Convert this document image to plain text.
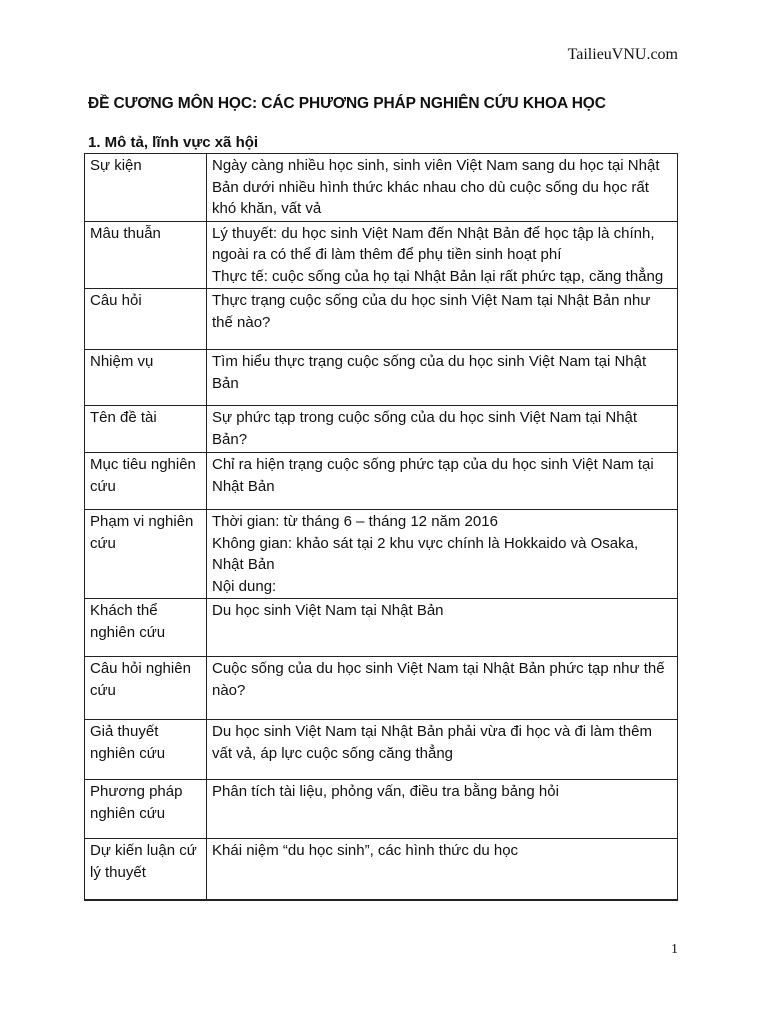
TailieuVNU.com
ĐỀ CƯƠNG MÔN HỌC: CÁC PHƯƠNG PHÁP NGHIÊN CỨU KHOA HỌC
1. Mô tả, lĩnh vực xã hội
Sự kiện	Ngày càng nhiều học sinh, sinh viên Việt Nam sang du học tại Nhật Bản dưới nhiều hình thức khác nhau cho dù cuộc sống du học rất khó khăn, vất vả

Mâu thuẫn	Lý thuyết: du học sinh Việt Nam đến Nhật Bản để học tập là chính, ngoài ra có thể đi làm thêm để phụ tiền sinh hoạt phí
Thực tế: cuộc sống của họ tại Nhật Bản lại rất phức tạp, căng thẳng

Câu hỏi	Thực trạng cuộc sống của du học sinh Việt Nam tại Nhật Bản như thế nào?

Nhiệm vụ	Tìm hiểu thực trạng cuộc sống của du học sinh Việt Nam tại Nhật Bản

Tên đề tài	Sự phức tạp trong cuộc sống của du học sinh Việt Nam tại Nhật Bản?

Mục tiêu nghiên cứu	Chỉ ra hiện trạng cuộc sống phức tạp của du học sinh Việt Nam tại Nhật Bản

Phạm vi nghiên cứu	Thời gian: từ tháng 6 – tháng 12 năm 2016
Không gian: khảo sát tại 2 khu vực chính là Hokkaido và Osaka, Nhật Bản
Nội dung:

Khách thể nghiên cứu	Du học sinh Việt Nam tại Nhật Bản

Câu hỏi nghiên cứu	Cuộc sống của du học sinh Việt Nam tại Nhật Bản phức tạp như thế nào?

Giả thuyết nghiên cứu	Du học sinh Việt Nam tại Nhật Bản phải vừa đi học và đi làm thêm vất vả, áp lực cuộc sống căng thẳng

Phương pháp nghiên cứu	Phân tích tài liệu, phỏng vấn, điều tra bằng bảng hỏi

Dự kiến luận cứ lý thuyết	Khái niệm “du học sinh”, các hình thức du học
1
